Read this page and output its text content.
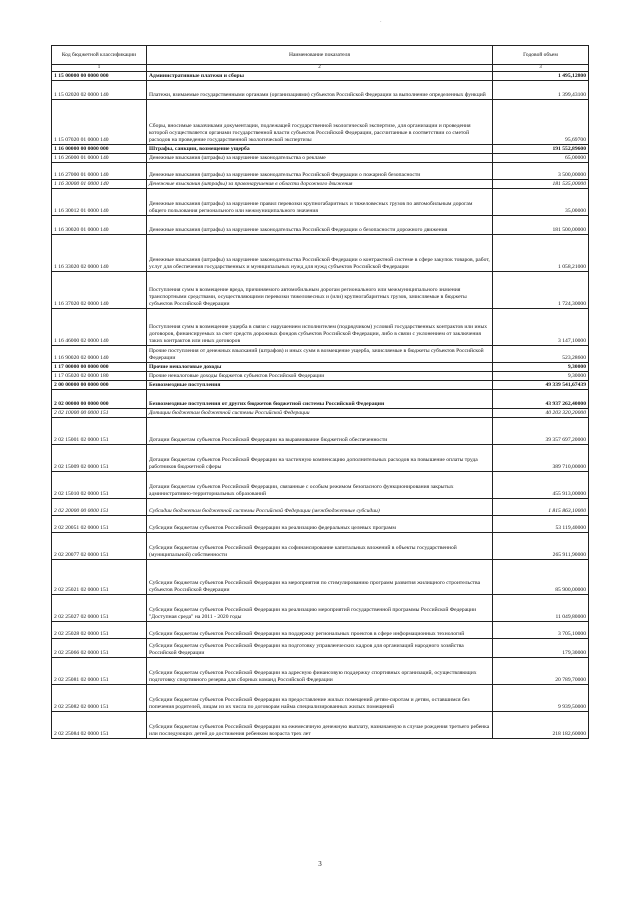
·
Код бюджетной классификации	Наименование показателя	Годовой объем
1	2	3
1 15 00000 00 0000 000	Административные платежи и сборы	1 495,12800
1 15 02020 02 0000 140	Платежи, взимаемые государственными органами (организациями) субъектов Российской Федерации за выполнение определенных функций	1 399,43100
1 15 07020 01 0000 140	Сборы, вносимые заказчиками документации, подлежащей государственной экологической экспертизе, для организации и проведения которой осуществляется органами государственной власти субъектов Российской Федерации, рассчитанные в соответствии со сметой расходов на проведение государственной экологической экспертизы	95,69700
1 16 00000 00 0000 000	Штрафы, санкции, возмещение ущерба	191 552,89600
1 16 26000 01 0000 140	Денежные взыскания (штрафы) за нарушение законодательства о рекламе	65,00000
1 16 27000 01 0000 140	Денежные взыскания (штрафы) за нарушение законодательства Российской Федерации о пожарной безопасности	3 500,00000
1 16 30000 01 0000 140	Денежные взыскания (штрафы) за правонарушения в области дорожного движения	181 535,00000
1 16 30012 01 0000 140	Денежные взыскания (штрафы) за нарушение правил перевозки крупногабаритных и тяжеловесных грузов по автомобильным дорогам общего пользования регионального или межмуниципального значения	35,00000
1 16 30020 01 0000 140	Денежные взыскания (штрафы) за нарушение законодательства Российской Федерации о безопасности дорожного движения	181 500,00000
1 16 33020 02 0000 140	Денежные взыскания (штрафы) за нарушение законодательства Российской Федерации о контрактной системе в сфере закупок товаров, работ, услуг для обеспечения государственных и муниципальных нужд для нужд субъектов Российской Федерации	1 058,21000
1 16 37020 02 0000 140	Поступления сумм в возмещение вреда, причиняемого автомобильным дорогам регионального или межмуниципального значения транспортными средствами, осуществляющими перевозки тяжеловесных и (или) крупногабаритных грузов, зачисляемые в бюджеты субъектов Российской Федерации	1 724,30000
1 16 46000 02 0000 140	Поступления сумм в возмещение ущерба в связи с нарушением исполнителем (подрядчиком) условий государственных контрактов или иных договоров, финансируемых за счет средств дорожных фондов субъектов Российской Федерации, либо в связи с уклонением от заключения таких контрактов или иных договоров	3 147,10000
1 16 90020 02 0000 140	Прочие поступления от денежных взысканий (штрафов) и иных сумм в возмещение ущерба, зачисляемые в бюджеты субъектов Российской Федерации	523,28600
1 17 00000 00 0000 000	Прочие неналоговые доходы	9,30000
1 17 05020 02 0000 180	Прочие неналоговые доходы бюджетов субъектов Российской Федерации	9,30000
2 00 00000 00 0000 000	Безвозмездные поступления	49 339 541,67439
2 02 00000 00 0000 000	Безвозмездные поступления от других бюджетов бюджетной системы Российской Федерации	43 937 262,40000
2 02 10000 00 0000 151	Дотации бюджетам бюджетной системы Российской Федерации	40 203 320,20000
2 02 15001 02 0000 151	Дотации бюджетам субъектов Российской Федерации на выравнивание бюджетной обеспеченности	39 357 697,20000
2 02 15009 02 0000 151	Дотации бюджетам субъектов Российской Федерации на частичную компенсацию дополнительных расходов на повышение оплаты труда работников бюджетной сферы	389 710,00000
2 02 15010 02 0000 151	Дотации бюджетам субъектов Российской Федерации, связанные с особым режимом безопасного функционирования закрытых административно-территориальных образований	455 913,00000
2 02 20000 00 0000 151	Субсидии бюджетам бюджетной системы Российской Федерации (межбюджетные субсидии)	1 815 863,10000
2 02 20051 02 0000 151	Субсидии бюджетам субъектов Российской Федерации на реализацию федеральных целевых программ	53 119,40000
2 02 20077 02 0000 151	Субсидии бюджетам субъектов Российской Федерации на софинансирование капитальных вложений в объекты государственной (муниципальной) собственности	265 911,90000
2 02 25021 02 0000 151	Субсидии бюджетам субъектов Российской Федерации на мероприятия по стимулированию программ развития жилищного строительства субъектов Российской Федерации	85 900,00000
2 02 25027 02 0000 151	Субсидии бюджетам субъектов Российской Федерации на реализацию мероприятий государственной программы Российской Федерации "Доступная среда" на 2011 - 2020 годы	11 049,80000
2 02 25028 02 0000 151	Субсидии бюджетам субъектов Российской Федерации на поддержку региональных проектов в сфере информационных технологий	3 705,10000
2 02 25066 02 0000 151	Субсидии бюджетам субъектов Российской Федерации на подготовку управленческих кадров для организаций народного хозяйства Российской Федерации	179,30000
2 02 25081 02 0000 151	Субсидии бюджетам субъектов Российской Федерации на адресную финансовую поддержку спортивных организаций, осуществляющих подготовку спортивного резерва для сборных команд Российской Федерации	20 789,70000
2 02 25082 02 0000 151	Субсидии бюджетам субъектов Российской Федерации на предоставление жилых помещений детям-сиротам и детям, оставшимся без попечения родителей, лицам из их числа по договорам найма специализированных жилых помещений	9 939,50000
2 02 25084 02 0000 151	Субсидии бюджетам субъектов Российской Федерации на ежемесячную денежную выплату, назначаемую в случае рождения третьего ребенка или последующих детей до достижения ребенком возраста трех лет	218 182,60000
3
